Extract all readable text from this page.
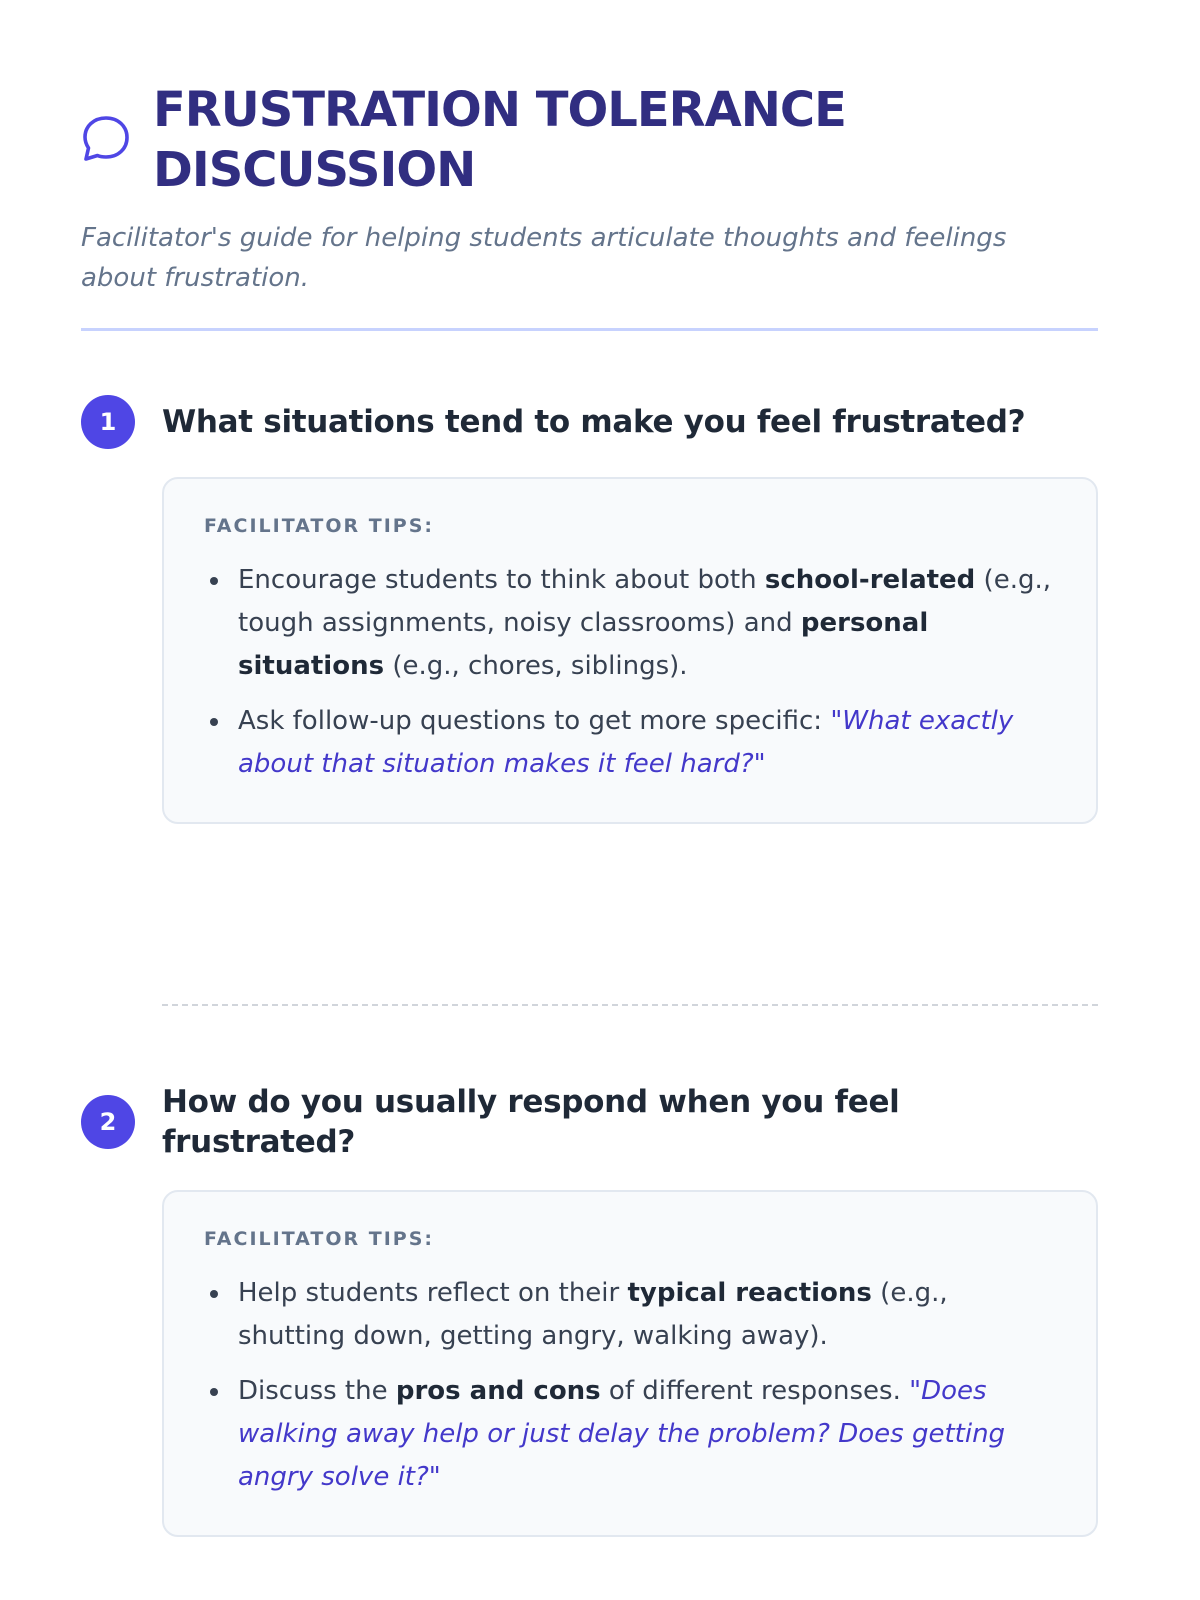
FRUSTRATION TOLERANCE DISCUSSION

Facilitator's guide for helping students articulate thoughts and feelings about frustration.

1	What situations tend to make you feel frustrated?
FACILITATOR TIPS:
Encourage students to think about both school-related (e.g., tough assignments, noisy classrooms) and personal situations (e.g., chores, siblings).
Ask follow-up questions to get more specific: "What exactly about that situation makes it feel hard?"
2
How do you usually respond when you feel frustrated?
FACILITATOR TIPS:
Help students reflect on their typical reactions (e.g., shutting down, getting angry, walking away).
Discuss the pros and cons of different responses. "Does walking away help or just delay the problem? Does getting angry solve it?"
